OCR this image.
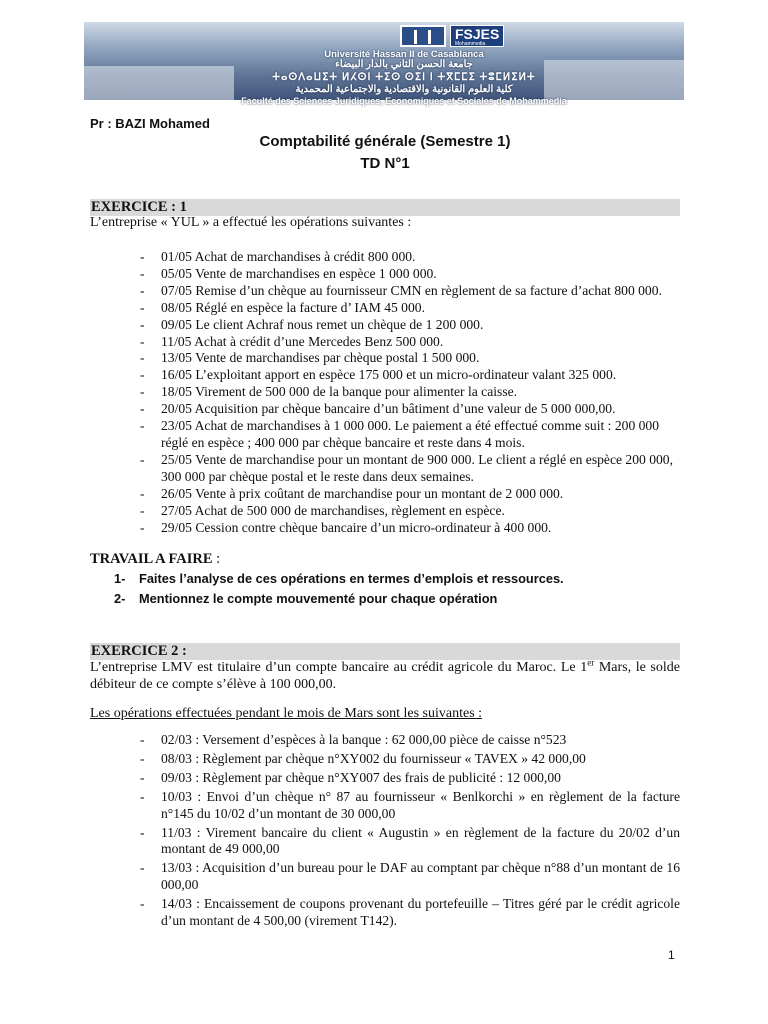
FSJES
Mohammedia
Université Hassan II de Casablanca
جامعة الحسن الثاني بالدار البيضاء
ⵜⴰⵙⴷⴰⵡⵉⵜ ⵍⵃⵙⵏ ⵜⵉⵙ ⵙⵉⵏ ⵏ ⵜⴳⵎⵎⵉ ⵜⵓⵎⵍⵉⵍⵜ
كلية العلوم القانونية والاقتصادية والاجتماعية المحمدية
Faculté des Sciences Juridiques, Economiques et Sociales de Mohammedia
Pr : BAZI Mohamed
Comptabilité générale (Semestre 1)
TD N°1
EXERCICE : 1
L’entreprise « YUL » a effectué les opérations suivantes :
- 01/05 Achat de marchandises à crédit 800 000.
- 05/05 Vente de marchandises en espèce 1 000 000.
- 07/05 Remise d’un chèque au fournisseur CMN en règlement de sa facture d’achat 800 000.
- 08/05 Réglé en espèce la facture d’ IAM 45 000.
- 09/05 Le client Achraf nous remet un chèque de 1 200 000.
- 11/05 Achat à crédit d’une Mercedes Benz 500 000.
- 13/05 Vente de marchandises par chèque postal 1 500 000.
- 16/05 L’exploitant apport en espèce 175 000 et un micro-ordinateur valant 325 000.
- 18/05 Virement de 500 000 de la banque pour alimenter la caisse.
- 20/05 Acquisition par chèque bancaire d’un bâtiment d’une valeur de 5 000 000,00.
- 23/05 Achat de marchandises à 1 000 000. Le paiement a été effectué comme suit : 200 000 réglé en espèce ; 400 000 par chèque bancaire et reste dans 4 mois.
- 25/05 Vente de marchandise pour un montant de 900 000. Le client a réglé en espèce 200 000, 300 000 par chèque postal et le reste dans deux semaines.
- 26/05 Vente à prix coûtant de marchandise pour un montant de 2 000 000.
- 27/05 Achat de 500 000 de marchandises, règlement en espèce.
- 29/05 Cession contre chèque bancaire d’un micro-ordinateur à 400 000.
TRAVAIL A FAIRE :
1- Faites l’analyse de ces opérations en termes d’emplois et ressources.
2- Mentionnez le compte mouvementé pour chaque opération
EXERCICE 2 :
L’entreprise LMV est titulaire d’un compte bancaire au crédit agricole du Maroc. Le 1er Mars, le solde débiteur de ce compte s’élève à 100 000,00.
Les opérations effectuées pendant le mois de Mars sont les suivantes :
- 02/03 : Versement d’espèces à la banque : 62 000,00 pièce de caisse n°523
- 08/03 : Règlement par chèque n°XY002 du fournisseur « TAVEX » 42 000,00
- 09/03 : Règlement par chèque n°XY007 des frais de publicité : 12 000,00
- 10/03 : Envoi d’un chèque n° 87 au fournisseur « Benlkorchi » en règlement de la facture n°145 du 10/02 d’un montant de 30 000,00
- 11/03 : Virement bancaire du client « Augustin » en règlement de la facture du 20/02 d’un montant de 49 000,00
- 13/03 : Acquisition d’un bureau pour le DAF au comptant par chèque n°88 d’un montant de 16 000,00
- 14/03 : Encaissement de coupons provenant du portefeuille – Titres géré par le crédit agricole d’un montant de 4 500,00 (virement T142).
1
